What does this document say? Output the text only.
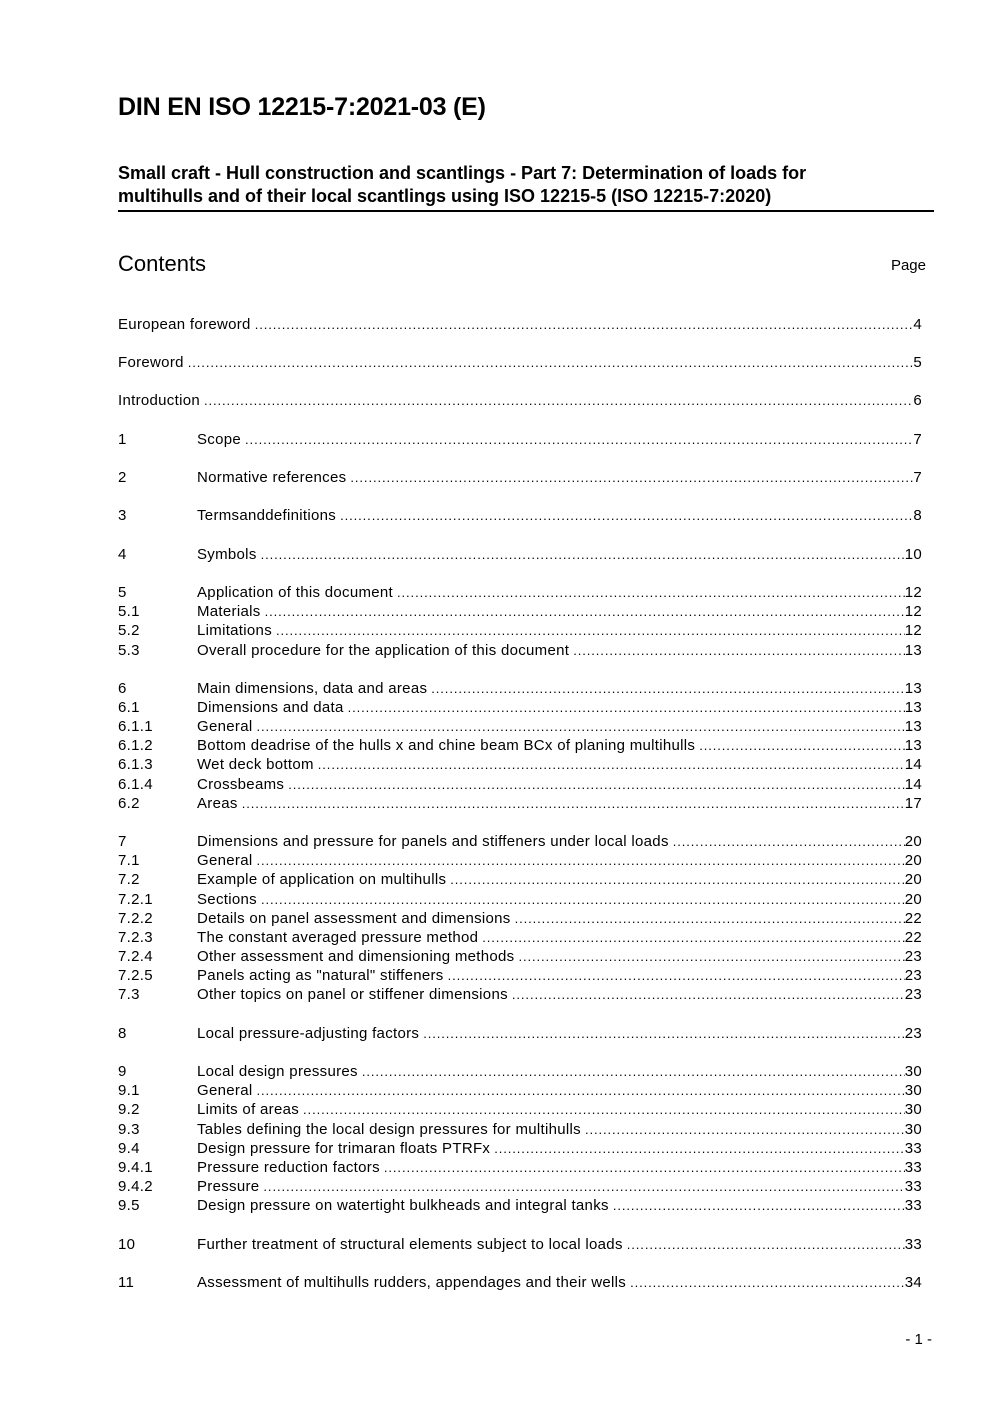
DIN EN ISO 12215-7:2021-03 (E)
Small craft - Hull construction and scantlings - Part 7: Determination of loads for
multihulls and of their local scantlings using ISO 12215-5 (ISO 12215-7:2020)
Contents	Page
European foreword .....	4
Foreword .....	5
Introduction .....	6
1	Scope .....	7
2	Normative references .....	7
3	Termsanddefinitions .....	8
4	Symbols .....	10
5	Application of this document .....	12
5.1	Materials .....	12
5.2	Limitations .....	12
5.3	Overall procedure for the application of this document .....	13
6	Main dimensions, data and areas .....	13
6.1	Dimensions and data .....	13
6.1.1	General .....	13
6.1.2	Bottom deadrise of the hulls x and chine beam BCx of planing multihulls .....	13
6.1.3	Wet deck bottom .....	14
6.1.4	Crossbeams .....	14
6.2	Areas .....	17
7	Dimensions and pressure for panels and stiffeners under local loads .....	20
7.1	General .....	20
7.2	Example of application on multihulls .....	20
7.2.1	Sections .....	20
7.2.2	Details on panel assessment and dimensions .....	22
7.2.3	The constant averaged pressure method .....	22
7.2.4	Other assessment and dimensioning methods .....	23
7.2.5	Panels acting as "natural" stiffeners .....	23
7.3	Other topics on panel or stiffener dimensions .....	23
8	Local pressure-adjusting factors .....	23
9	Local design pressures .....	30
9.1	General .....	30
9.2	Limits of areas .....	30
9.3	Tables defining the local design pressures for multihulls .....	30
9.4	Design pressure for trimaran floats PTRFx .....	33
9.4.1	Pressure reduction factors .....	33
9.4.2	Pressure .....	33
9.5	Design pressure on watertight bulkheads and integral tanks .....	33
10	Further treatment of structural elements subject to local loads .....	33
11	Assessment of multihulls rudders, appendages and their wells .....	34
- 1 -
